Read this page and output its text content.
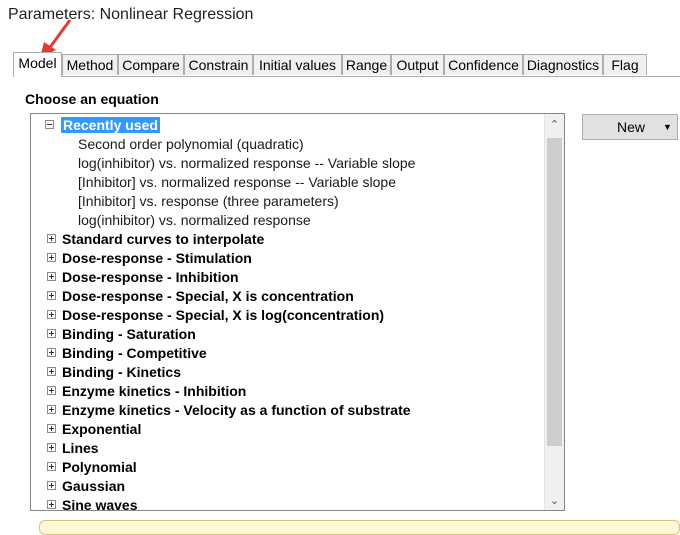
Parameters: Nonlinear Regression
Model Method Compare Constrain Initial values Range Output Confidence Diagnostics Flag
Choose an equation
Recently used
Second order polynomial (quadratic)
log(inhibitor) vs. normalized response -- Variable slope
[Inhibitor] vs. normalized response -- Variable slope
[Inhibitor] vs. response (three parameters)
log(inhibitor) vs. normalized response
Standard curves to interpolate
Dose-response - Stimulation
Dose-response - Inhibition
Dose-response - Special, X is concentration
Dose-response - Special, X is log(concentration)
Binding - Saturation
Binding - Competitive
Binding - Kinetics
Enzyme kinetics - Inhibition
Enzyme kinetics - Velocity as a function of substrate
Exponential
Lines
Polynomial
Gaussian
Sine waves
⌃
⌄
New ▼
